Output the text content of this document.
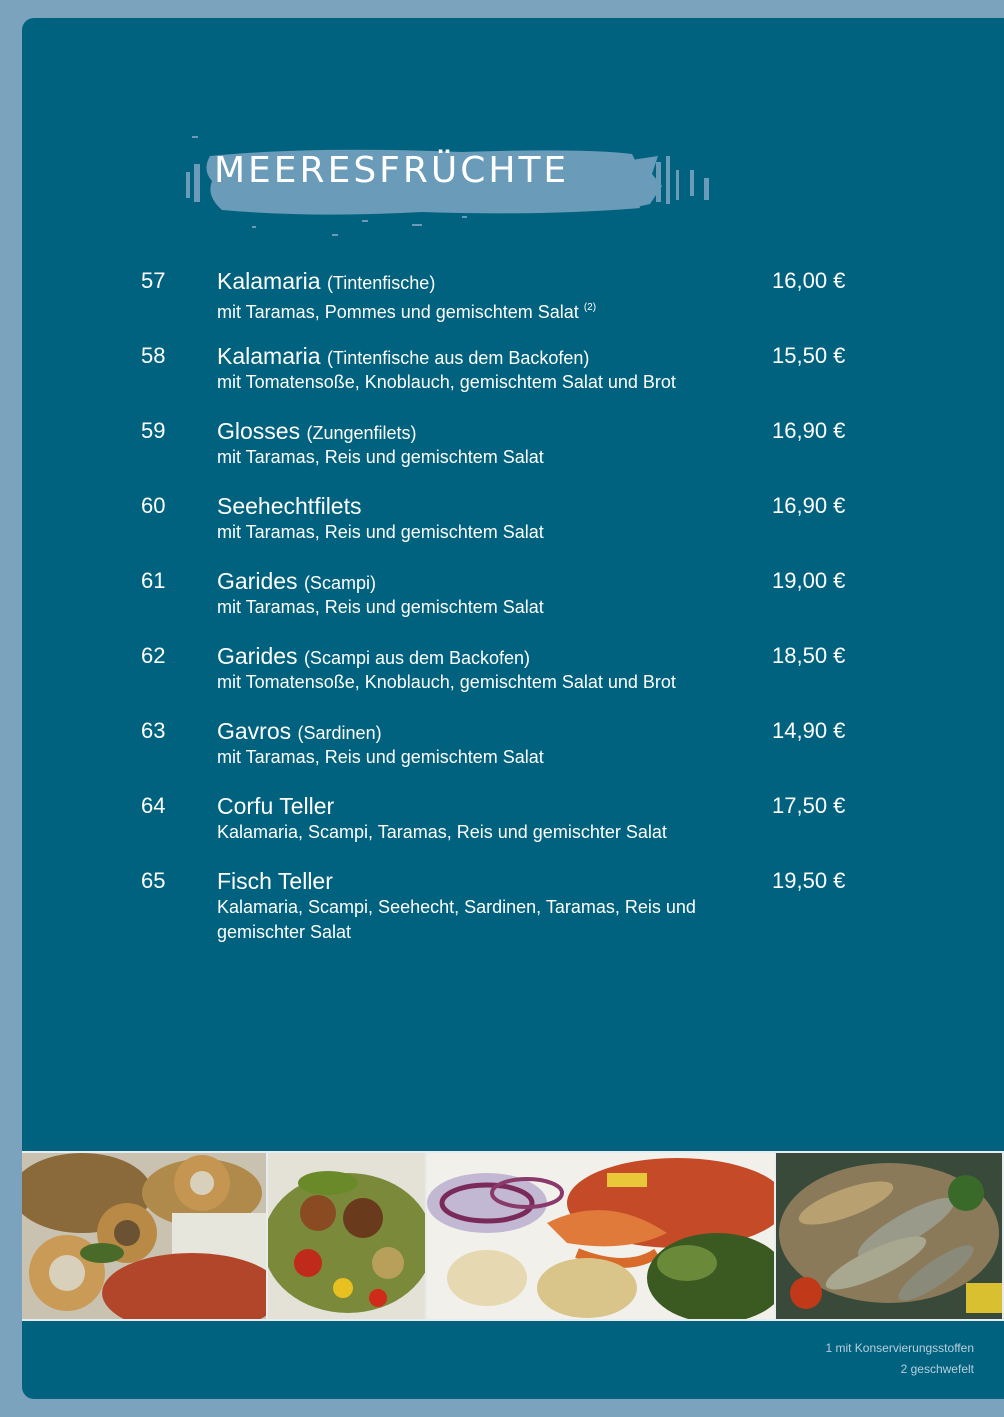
MEERESFRÜCHTE
57 Kalamaria (Tintenfische)
mit Taramas, Pommes und gemischtem Salat $^{(2)}$
16,00 €
58 Kalamaria (Tintenfische aus dem Backofen)
mit Tomatensoße, Knoblauch, gemischtem Salat und Brot
15,50 €
59 Glosses (Zungenfilets)
mit Taramas, Reis und gemischtem Salat
16,90 €
60 Seehechtfilets
mit Taramas, Reis und gemischtem Salat
16,90 €
61 Garides (Scampi)
mit Taramas, Reis und gemischtem Salat
19,00 €
62 Garides (Scampi aus dem Backofen)
mit Tomatensoße, Knoblauch, gemischtem Salat und Brot
18,50 €
63 Gavros (Sardinen)
mit Taramas, Reis und gemischtem Salat
14,90 €
64 Corfu Teller
Kalamaria, Scampi, Taramas, Reis und gemischter Salat
17,50 €
65 Fisch Teller
Kalamaria, Scampi, Seehecht, Sardinen, Taramas, Reis und gemischter Salat
19,50 €
1 mit Konservierungsstoffen
2 geschwefelt
